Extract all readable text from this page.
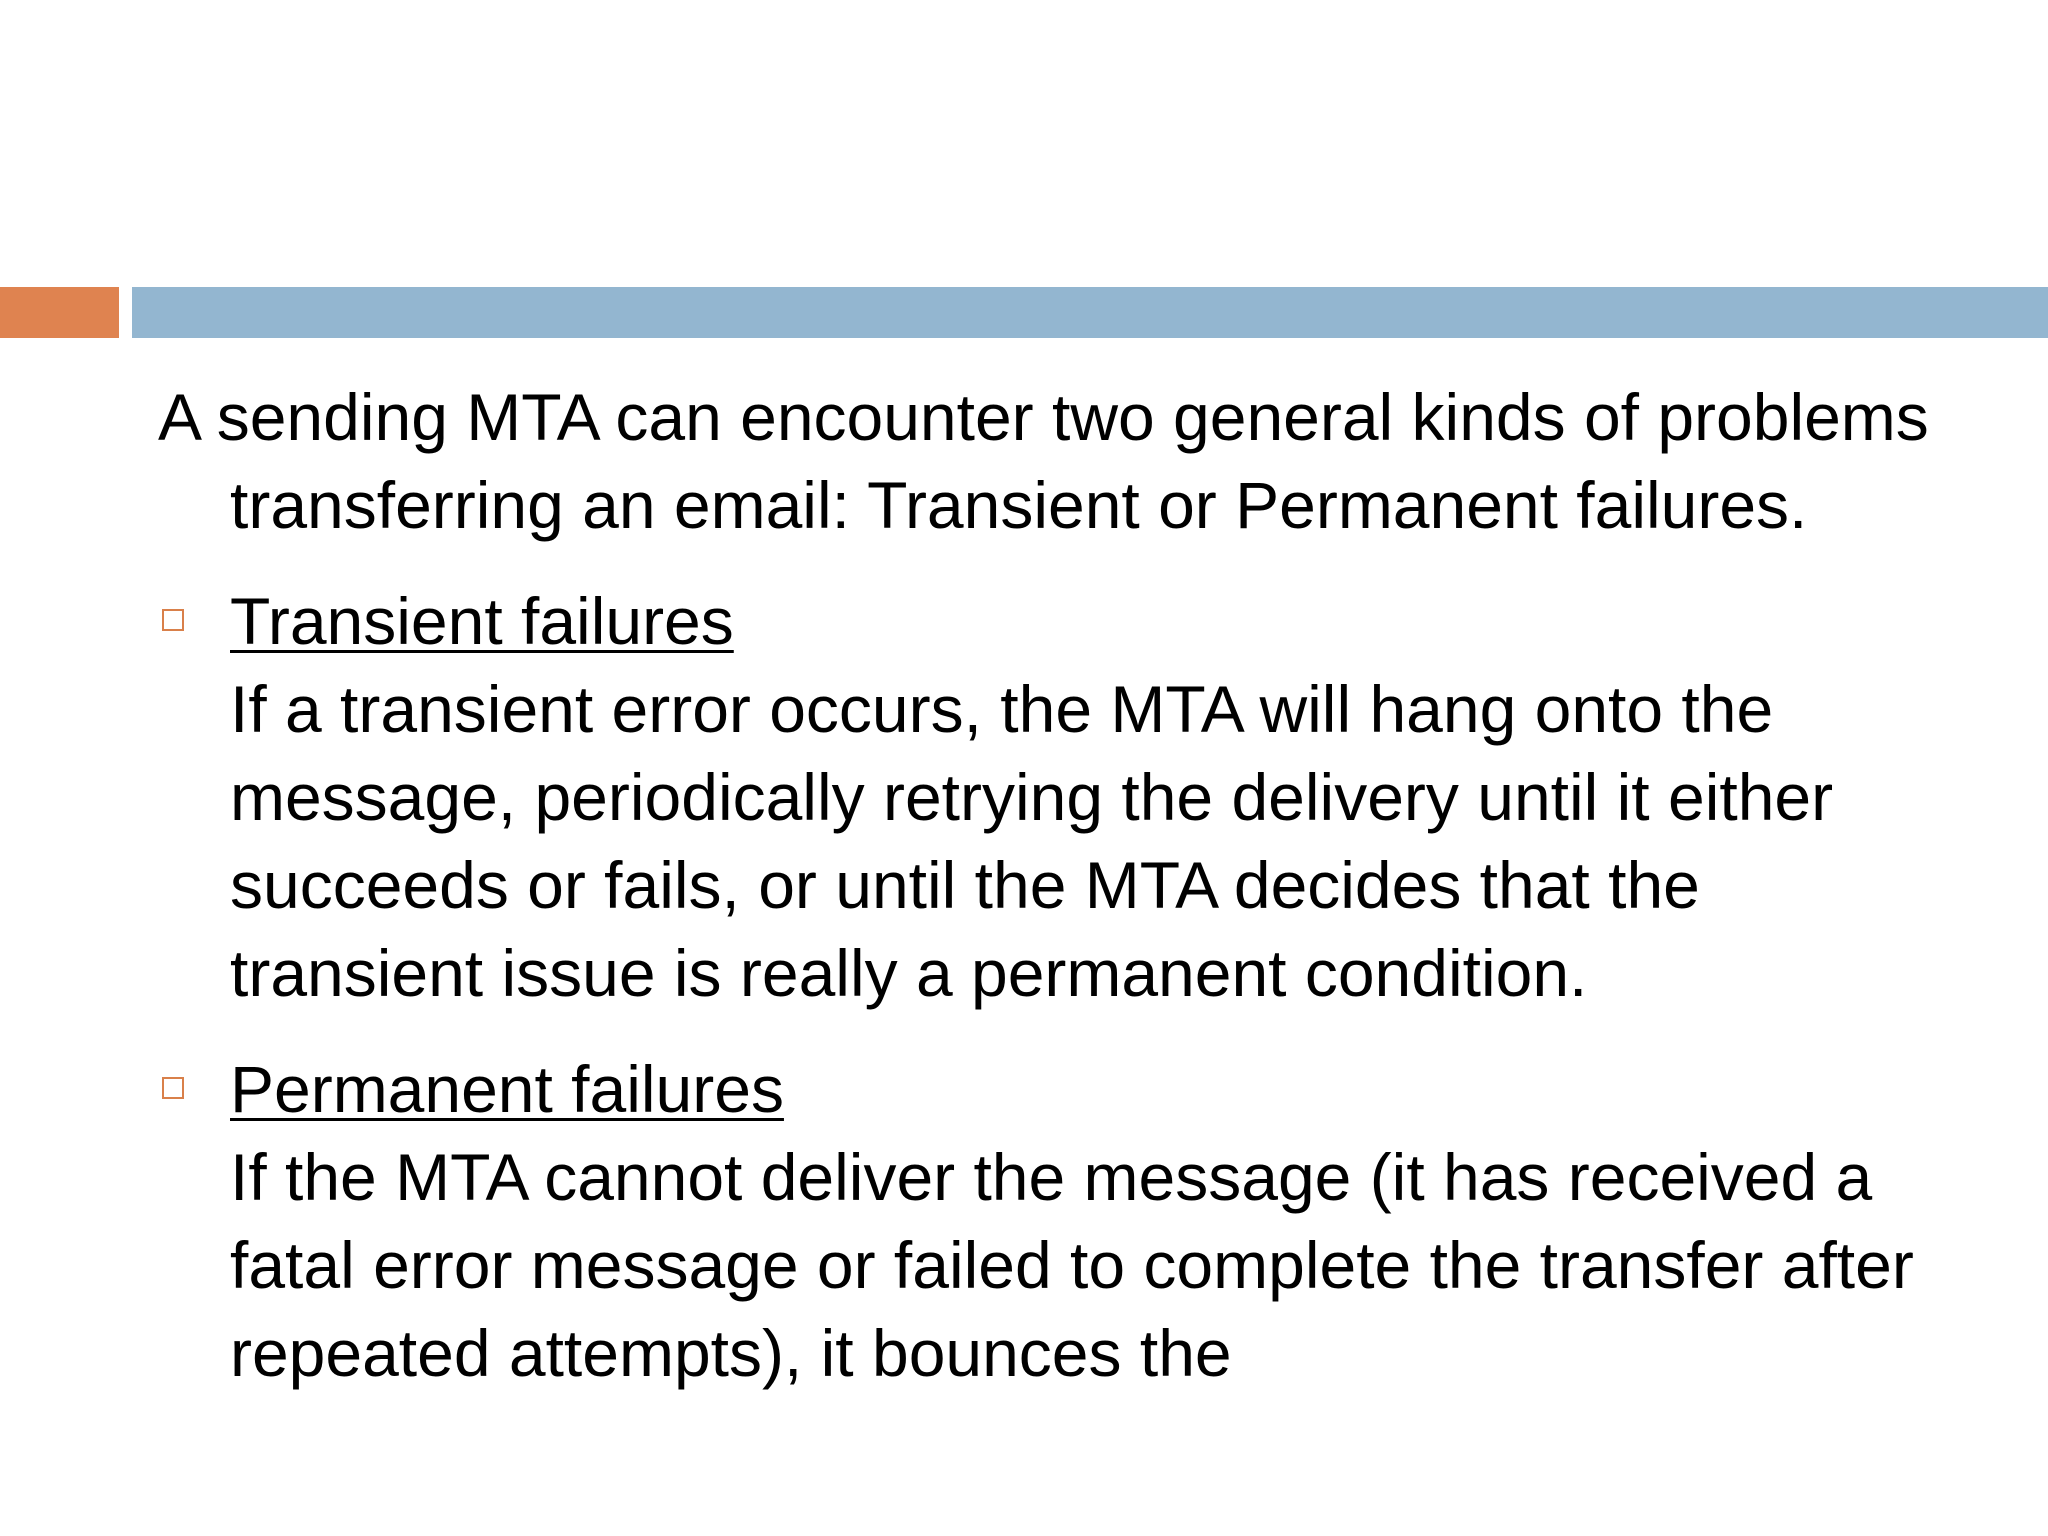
A sending MTA can encounter two general kinds of problems transferring an email: Transient or Permanent failures.

Transient failures
If a transient error occurs, the MTA will hang onto the message, periodically retrying the delivery until it either succeeds or fails, or until the MTA decides that the transient issue is really a permanent condition.
Permanent failures
If the MTA cannot deliver the message (it has received a fatal error message or failed to complete the transfer after repeated attempts), it bounces the
